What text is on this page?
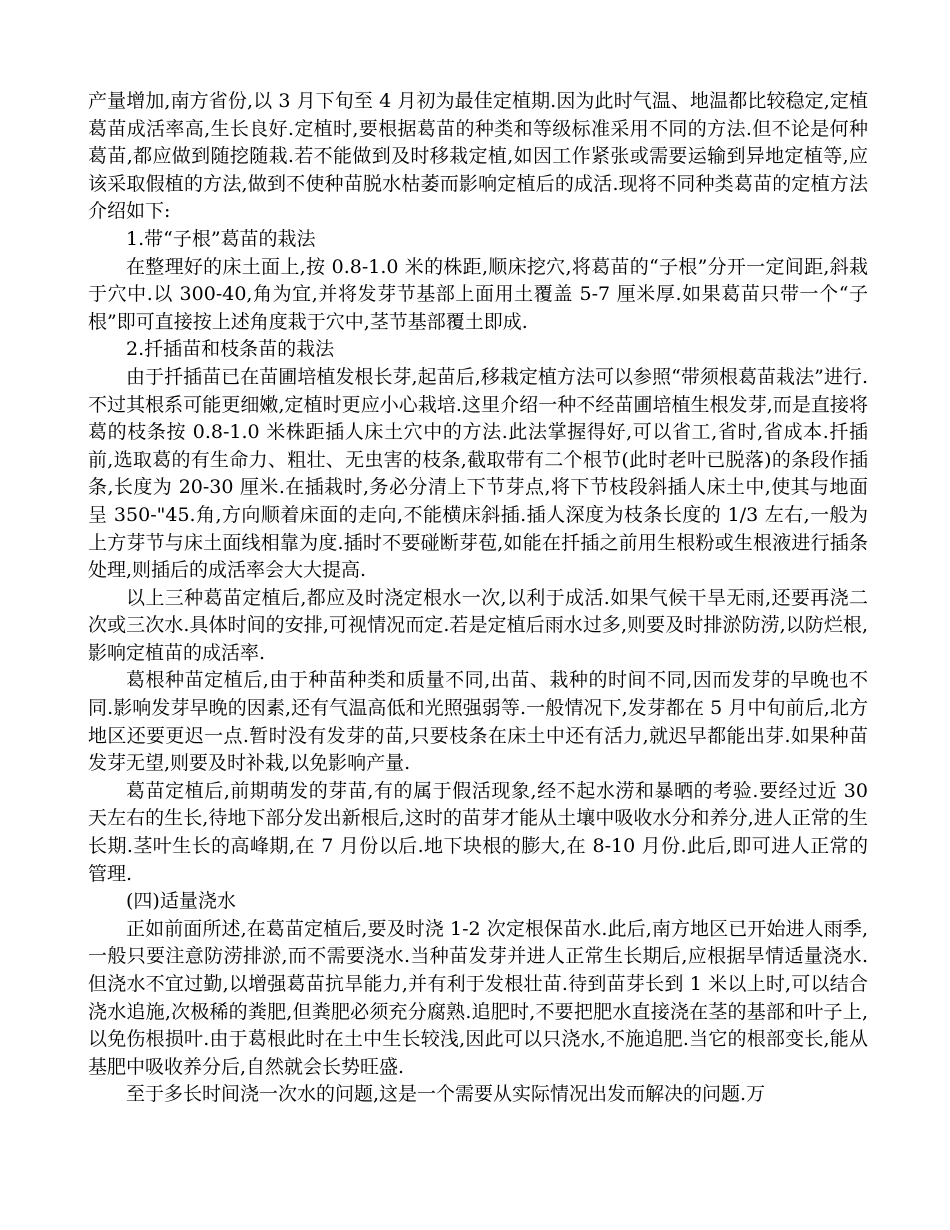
产量增加,南方省份,以 3 月下旬至 4 月初为最佳定植期.因为此时气温、地温都比较稳定,定植葛苗成活率高,生长良好.定植时,要根据葛苗的种类和等级标准采用不同的方法.但不论是何种葛苗,都应做到随挖随栽.若不能做到及时移栽定植,如因工作紧张或需要运输到异地定植等,应该采取假植的方法,做到不使种苗脱水枯萎而影响定植后的成活.现将不同种类葛苗的定植方法介绍如下:

1.带“子根”葛苗的栽法

在整理好的床土面上,按 0.8-1.0 米的株距,顺床挖穴,将葛苗的“子根”分开一定间距,斜栽于穴中.以 300-40,角为宜,并将发芽节基部上面用土覆盖 5-7 厘米厚.如果葛苗只带一个“子根”即可直接按上述角度栽于穴中,茎节基部覆土即成.

2.扦插苗和枝条苗的栽法

由于扦插苗已在苗圃培植发根长芽,起苗后,移栽定植方法可以参照“带须根葛苗栽法”进行.不过其根系可能更细嫩,定植时更应小心栽培.这里介绍一种不经苗圃培植生根发芽,而是直接将葛的枝条按 0.8-1.0 米株距插人床土穴中的方法.此法掌握得好,可以省工,省时,省成本.扦插前,选取葛的有生命力、粗壮、无虫害的枝条,截取带有二个根节(此时老叶已脱落)的条段作插条,长度为 20-30 厘米.在插栽时,务必分清上下节芽点,将下节枝段斜插人床土中,使其与地面呈 350-"45.角,方向顺着床面的走向,不能横床斜插.插人深度为枝条长度的 1/3 左右,一般为上方芽节与床土面线相靠为度.插时不要碰断芽苞,如能在扦插之前用生根粉或生根液进行插条处理,则插后的成活率会大大提高.

以上三种葛苗定植后,都应及时浇定根水一次,以利于成活.如果气候干旱无雨,还要再浇二次或三次水.具体时间的安排,可视情况而定.若是定植后雨水过多,则要及时排淤防涝,以防烂根,影响定植苗的成活率.

葛根种苗定植后,由于种苗种类和质量不同,出苗、栽种的时间不同,因而发芽的早晚也不同.影响发芽早晚的因素,还有气温高低和光照强弱等.一般情况下,发芽都在 5 月中旬前后,北方地区还要更迟一点.暂时没有发芽的苗,只要枝条在床土中还有活力,就迟早都能出芽.如果种苗发芽无望,则要及时补栽,以免影响产量.

葛苗定植后,前期萌发的芽苗,有的属于假活现象,经不起水涝和暴晒的考验.要经过近 30 天左右的生长,待地下部分发出新根后,这时的苗芽才能从土壤中吸收水分和养分,进人正常的生长期.茎叶生长的高峰期,在 7 月份以后.地下块根的膨大,在 8-10 月份.此后,即可进人正常的管理.

(四)适量浇水

正如前面所述,在葛苗定植后,要及时浇 1-2 次定根保苗水.此后,南方地区已开始进人雨季,一般只要注意防涝排淤,而不需要浇水.当种苗发芽并进人正常生长期后,应根据旱情适量浇水.但浇水不宜过勤,以增强葛苗抗旱能力,并有利于发根壮苗.待到苗芽长到 1 米以上时,可以结合浇水追施,次极稀的粪肥,但粪肥必须充分腐熟.追肥时,不要把肥水直接浇在茎的基部和叶子上,以免伤根损叶.由于葛根此时在土中生长较浅,因此可以只浇水,不施追肥.当它的根部变长,能从基肥中吸收养分后,自然就会长势旺盛.

至于多长时间浇一次水的问题,这是一个需要从实际情况出发而解决的问题.万
